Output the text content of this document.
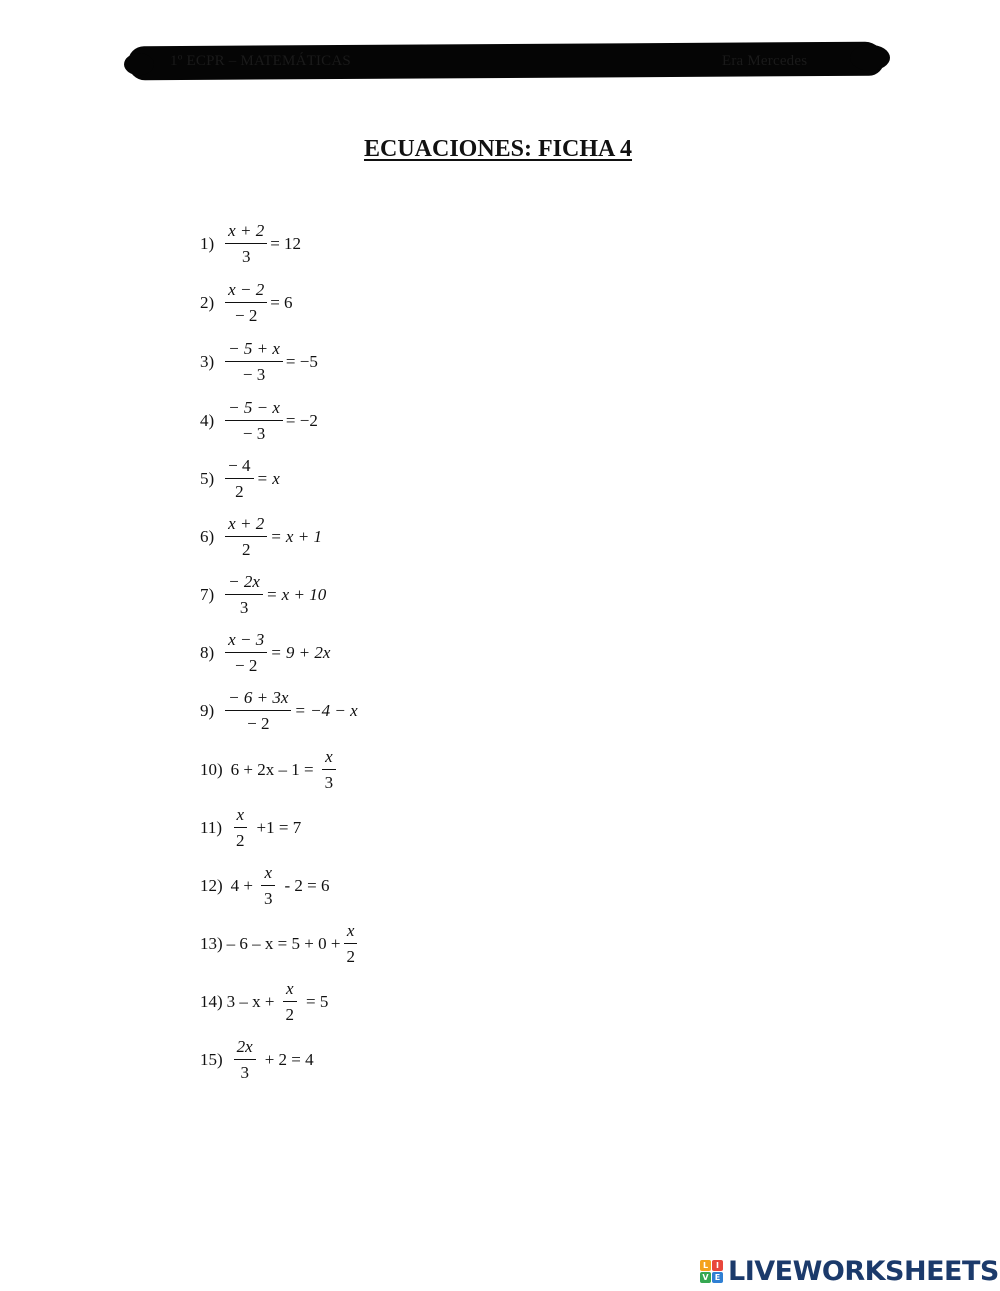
1º ECPR – MATEMÁTICAS	Era Mercedes
ECUACIONES: FICHA 4
$1) \frac{x + 2}{3} = 12$
$2) \frac{x - 2}{- 2} = 6$
$3) \frac{- 5 + x}{- 3} = -5$
$4) \frac{- 5 - x}{- 3} = -2$
$5) \frac{- 4}{2} = x$
$6) \frac{x + 2}{2} = x + 1$
$7) \frac{- 2x}{3} = x + 10$
$8) \frac{x - 3}{- 2} = 9 + 2x$
$9) \frac{- 6 + 3x}{- 2} = -4 - x$
10) $6 + 2x - 1 = \frac{x}{3}$
$11) \frac{x}{2} +1 = 7$
12) $4 + \frac{x}{3} - 2 = 6$
$13) - 6 - x = 5 + 0 + \frac{x}{2}$
14) $3 - x + \frac{x}{2} = 5$
$15) \frac{2x}{3} + 2 = 4$
L I
V E LIVEWORKSHEETS
